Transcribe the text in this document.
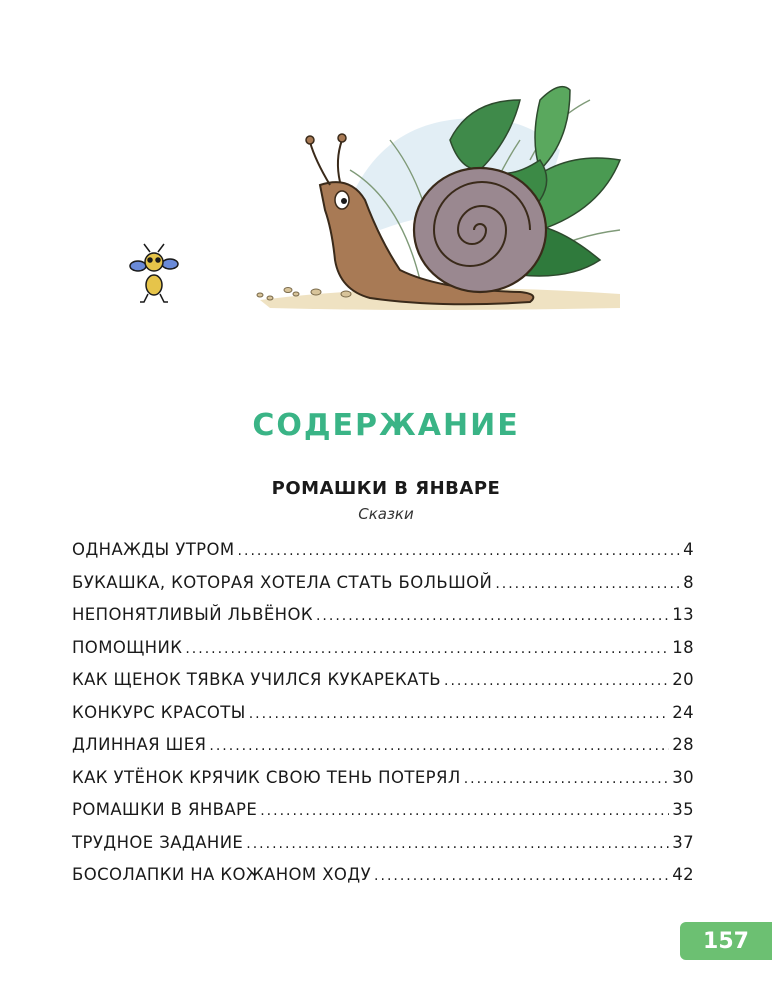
СОДЕРЖАНИЕ
РОМАШКИ В ЯНВАРЕ
Сказки
ОДНАЖДЫ УТРОМ .....	4
БУКАШКА, КОТОРАЯ ХОТЕЛА СТАТЬ БОЛЬШОЙ .....	8
НЕПОНЯТЛИВЫЙ ЛЬВЁНОК .....	13
ПОМОЩНИК .....	18
КАК ЩЕНОК ТЯВКА УЧИЛСЯ КУКАРЕКАТЬ .....	20
КОНКУРС КРАСОТЫ .....	24
ДЛИННАЯ ШЕЯ .....	28
КАК УТЁНОК КРЯЧИК СВОЮ ТЕНЬ ПОТЕРЯЛ .....	30
РОМАШКИ В ЯНВАРЕ .....	35
ТРУДНОЕ ЗАДАНИЕ .....	37
БОСОЛАПКИ НА КОЖАНОМ ХОДУ .....	42
157
